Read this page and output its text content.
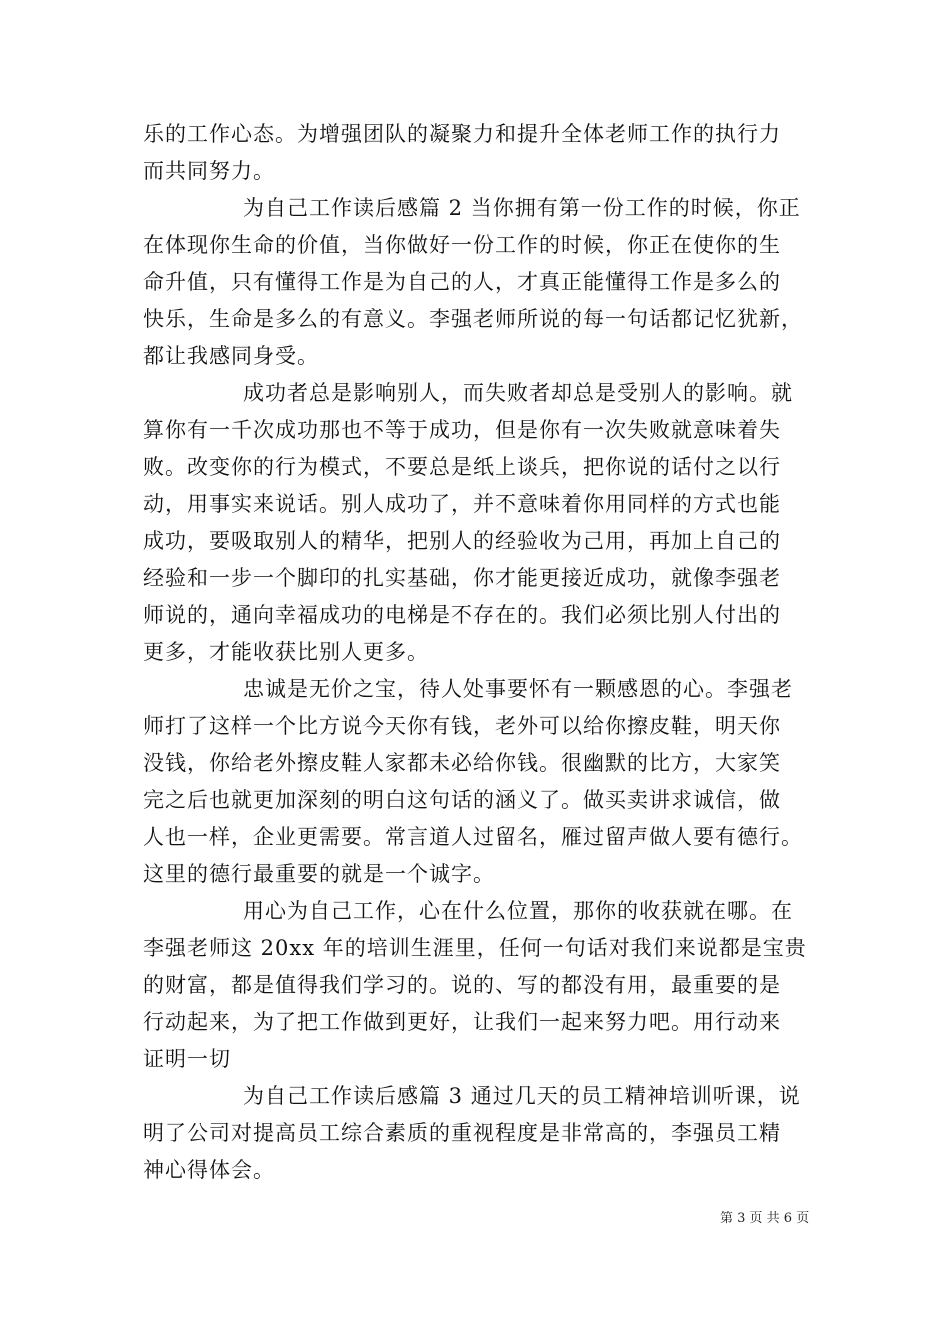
乐的工作心态。为增强团队的凝聚力和提升全体老师工作的执行力
而共同努力。

为自己工作读后感篇 2 当你拥有第一份工作的时候，你正
在体现你生命的价值，当你做好一份工作的时候，你正在使你的生
命升值，只有懂得工作是为自己的人，才真正能懂得工作是多么的
快乐，生命是多么的有意义。李强老师所说的每一句话都记忆犹新，
都让我感同身受。

成功者总是影响别人，而失败者却总是受别人的影响。就
算你有一千次成功那也不等于成功，但是你有一次失败就意味着失
败。改变你的行为模式，不要总是纸上谈兵，把你说的话付之以行
动，用事实来说话。别人成功了，并不意味着你用同样的方式也能
成功，要吸取别人的精华，把别人的经验收为己用，再加上自己的
经验和一步一个脚印的扎实基础，你才能更接近成功，就像李强老
师说的，通向幸福成功的电梯是不存在的。我们必须比别人付出的
更多，才能收获比别人更多。

忠诚是无价之宝，待人处事要怀有一颗感恩的心。李强老
师打了这样一个比方说今天你有钱，老外可以给你擦皮鞋，明天你
没钱，你给老外擦皮鞋人家都未必给你钱。很幽默的比方，大家笑
完之后也就更加深刻的明白这句话的涵义了。做买卖讲求诚信，做
人也一样，企业更需要。常言道人过留名，雁过留声做人要有德行。
这里的德行最重要的就是一个诚字。

用心为自己工作，心在什么位置，那你的收获就在哪。在
李强老师这 20xx 年的培训生涯里，任何一句话对我们来说都是宝贵
的财富，都是值得我们学习的。说的、写的都没有用，最重要的是
行动起来，为了把工作做到更好，让我们一起来努力吧。用行动来
证明一切

为自己工作读后感篇 3 通过几天的员工精神培训听课，说
明了公司对提高员工综合素质的重视程度是非常高的，李强员工精
神心得体会。

第 3 页 共 6 页
